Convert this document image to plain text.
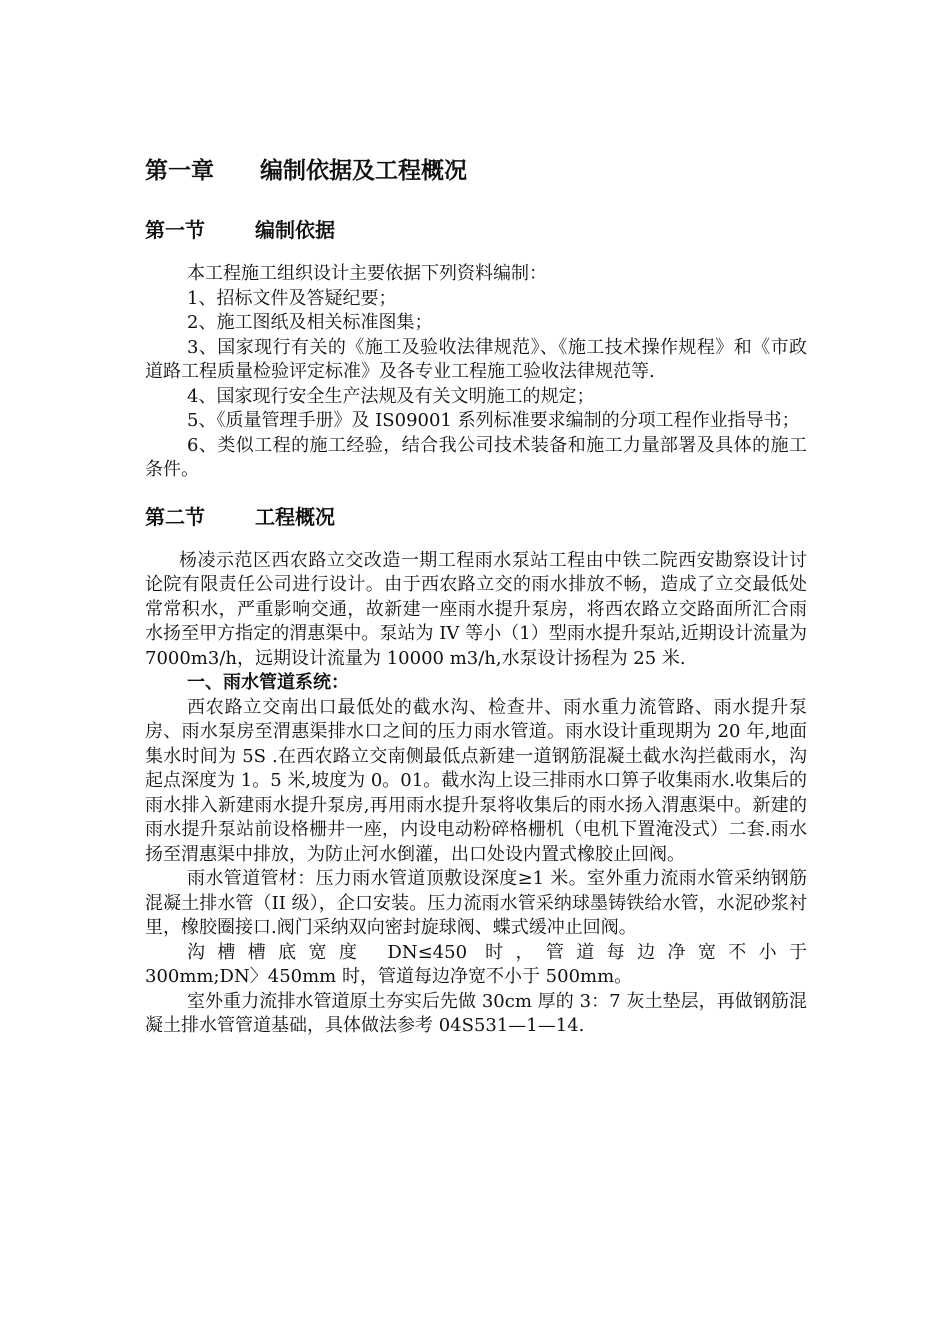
第一章 编制依据及工程概况
第一节	编制依据

本工程施工组织设计主要依据下列资料编制：

1、招标文件及答疑纪要；

2、施工图纸及相关标准图集；

3、国家现行有关的《施工及验收法律规范》、《施工技术操作规程》和《市政道路工程质量检验评定标准》及各专业工程施工验收法律规范等.

4、国家现行安全生产法规及有关文明施工的规定；

5、《质量管理手册》及 IS09001 系列标准要求编制的分项工程作业指导书；

6、类似工程的施工经验，结合我公司技术装备和施工力量部署及具体的施工条件。

第二节	工程概况

杨凌示范区西农路立交改造一期工程雨水泵站工程由中铁二院西安勘察设计讨论院有限责任公司进行设计。由于西农路立交的雨水排放不畅，造成了立交最低处常常积水，严重影响交通，故新建一座雨水提升泵房，将西农路立交路面所汇合雨水扬至甲方指定的渭惠渠中。泵站为 IV 等小（1）型雨水提升泵站,近期设计流量为 7000m3/h，远期设计流量为 10000 m3/h,水泵设计扬程为 25 米.

一、雨水管道系统：

西农路立交南出口最低处的截水沟、检查井、雨水重力流管路、雨水提升泵房、雨水泵房至渭惠渠排水口之间的压力雨水管道。雨水设计重现期为 20 年,地面集水时间为 5S .在西农路立交南侧最低点新建一道钢筋混凝土截水沟拦截雨水，沟起点深度为 1。5 米,坡度为 0。01。截水沟上设三排雨水口箅子收集雨水.收集后的雨水排入新建雨水提升泵房,再用雨水提升泵将收集后的雨水扬入渭惠渠中。新建的雨水提升泵站前设格栅井一座，内设电动粉碎格栅机（电机下置淹没式）二套.雨水扬至渭惠渠中排放，为防止河水倒灌，出口处设内置式橡胶止回阀。

雨水管道管材：压力雨水管道顶敷设深度≥1 米。室外重力流雨水管采纳钢筋混凝土排水管（II 级），企口安装。压力流雨水管采纳球墨铸铁给水管，水泥砂浆衬里，橡胶圈接口.阀门采纳双向密封旋球阀、蝶式缓冲止回阀。

沟槽槽底宽度 DN≤450 时，管道每边净宽不小于

300mm;DN〉450mm 时，管道每边净宽不小于 500mm。

室外重力流排水管道原土夯实后先做 30cm 厚的 3：7 灰土垫层，再做钢筋混凝土排水管管道基础，具体做法参考 04S531—1—14.
